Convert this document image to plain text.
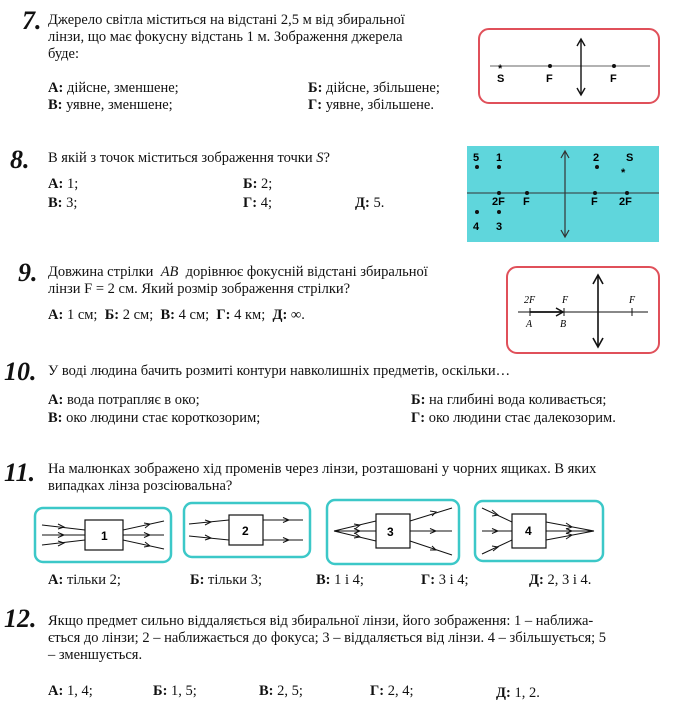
7. Джерело світла міститься на відстані 2,5 м від збиральної
лінзи, що має фокусну відстань 1 м. Зображення джерела
буде:
А: дійсне, зменшене;	Б: дійсне, збільшене;
В: уявне, зменшене;	Г: уявне, збільшене.
*
S	F	F
8. В якій з точок міститься зображення точки S?
А: 1;	Б: 2;
В: 3;	Г: 4;	Д: 5.
5 1	2 S
*
2F F	F 2F
4 3
9. Довжина стрілки AB дорівнює фокусній відстані збиральної
лінзи F = 2 см. Який розмір зображення стрілки?
А: 1 см; Б: 2 см; В: 4 см; Г: 4 км; Д: ∞.
2F	F	F
A	B
10. У воді людина бачить розмиті контури навколишніх предметів, оскільки…
А: вода потрапляє в око;	Б: на глибині вода коливається;
В: око людини стає короткозорим;	Г: око людини стає далекозорим.
11. На малюнках зображено хід променів через лінзи, розташовані у чорних ящиках. В яких
випадках лінза розсіювальна?
1	2	3	4
А: тільки 2;	Б: тільки 3;	В: 1 і 4;	Г: 3 і 4;	Д: 2, 3 і 4.
12. Якщо предмет сильно віддаляється від збиральної лінзи, його зображення: 1 – наближа-
ється до лінзи; 2 – наближається до фокуса; 3 – віддаляється від лінзи. 4 – збільшується; 5
– зменшується.
А: 1, 4;	Б: 1, 5;	В: 2, 5;	Г: 2, 4;	Д: 1, 2.
